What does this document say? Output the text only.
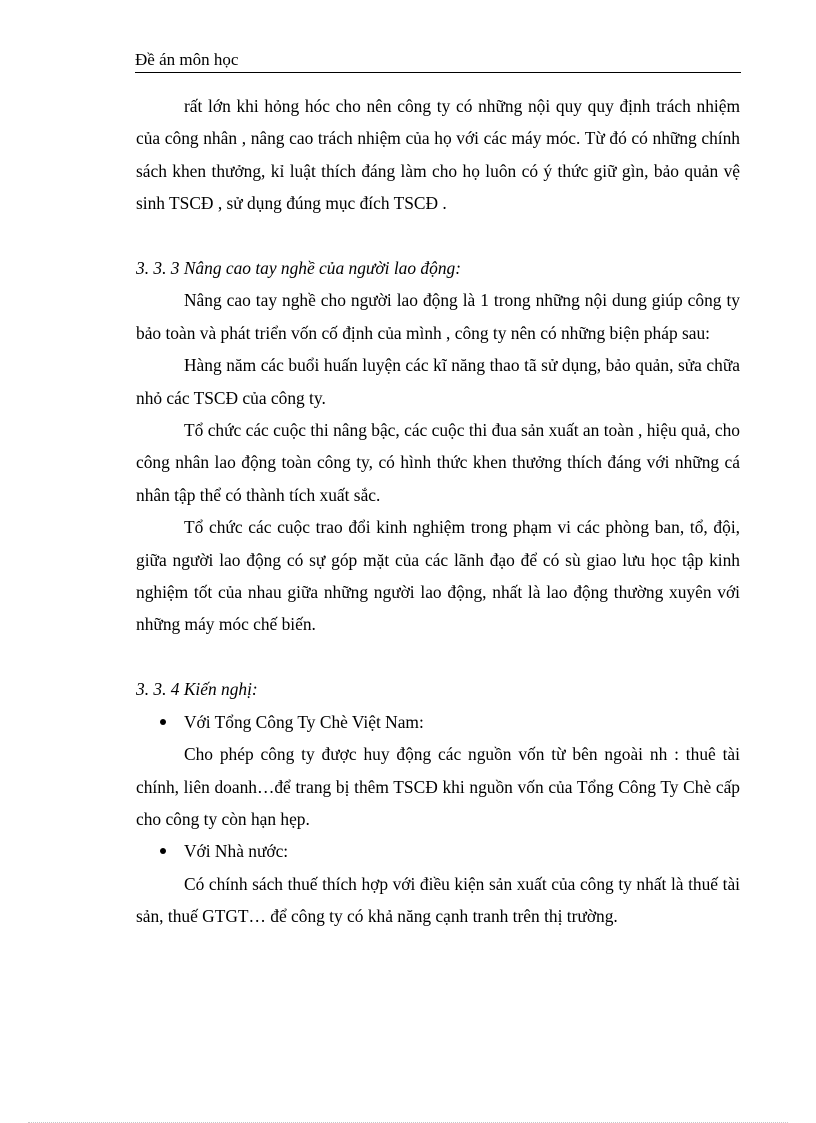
Đề án môn học

rất lớn khi hỏng hóc cho nên công ty có những nội quy quy định trách nhiệm của công nhân , nâng cao trách nhiệm của họ với các máy móc. Từ đó có những chính sách khen thưởng, kỉ luật thích đáng làm cho họ luôn có ý thức giữ gìn, bảo quản vệ sinh TSCĐ , sử dụng đúng mục đích TSCĐ .

3. 3. 3 Nâng cao tay nghề của người lao động:

Nâng cao tay nghề cho người lao động là 1 trong những nội dung giúp công ty bảo toàn và phát triển vốn cố định của mình , công ty nên có những biện pháp sau:

Hàng năm các buổi huấn luyện các kĩ năng thao tã sử dụng, bảo quản, sửa chữa nhỏ các TSCĐ của công ty.

Tổ chức các cuộc thi nâng bậc, các cuộc thi đua sản xuất an toàn , hiệu quả, cho công nhân lao động toàn công ty, có hình thức khen thưởng thích đáng với những cá nhân tập thể có thành tích xuất sắc.

Tổ chức các cuộc trao đổi kinh nghiệm trong phạm vi các phòng ban, tổ, đội, giữa người lao động có sự góp mặt của các lãnh đạo để có sù giao lưu học tập kinh nghiệm tốt của nhau giữa những người lao động, nhất là lao động thường xuyên với những máy móc chế biến.

3. 3. 4 Kiến nghị:

Với Tổng Công Ty Chè Việt Nam:

Cho phép công ty được huy động các nguồn vốn từ bên ngoài nh : thuê tài chính, liên doanh…để trang bị thêm TSCĐ khi nguồn vốn của Tổng Công Ty Chè cấp cho công ty còn hạn hẹp.

Với Nhà nước:

Có chính sách thuế thích hợp với điều kiện sản xuất của công ty nhất là thuế tài sản, thuế GTGT… để công ty có khả năng cạnh tranh trên thị trường.
